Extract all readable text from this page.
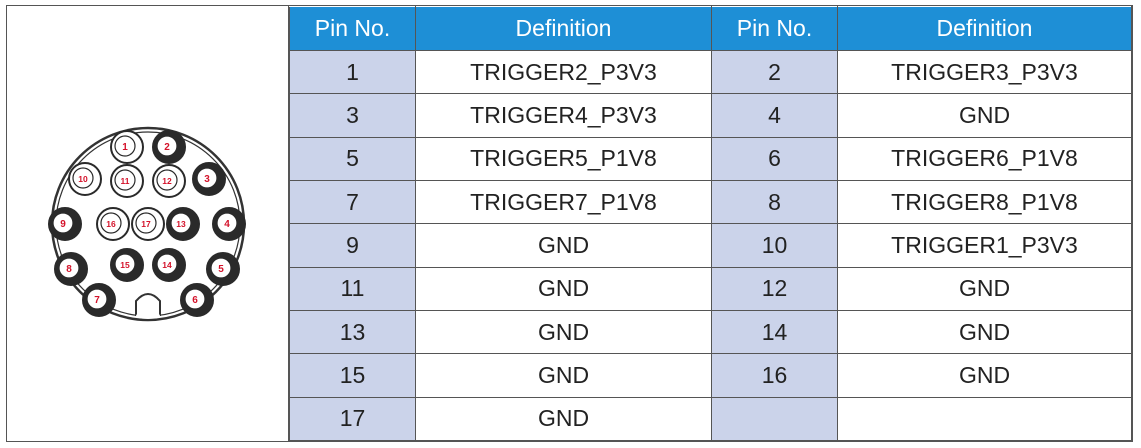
1	2
3
4
5
6
7
8
9
10	11	12
13
14
15
16	17
Pin No.	Definition	Pin No.	Definition
1	TRIGGER2_P3V3	2	TRIGGER3_P3V3
3	TRIGGER4_P3V3	4	GND
5	TRIGGER5_P1V8	6	TRIGGER6_P1V8
7	TRIGGER7_P1V8	8	TRIGGER8_P1V8
9	GND	10	TRIGGER1_P3V3
11	GND	12	GND
13	GND	14	GND
15	GND	16	GND
17	GND		
